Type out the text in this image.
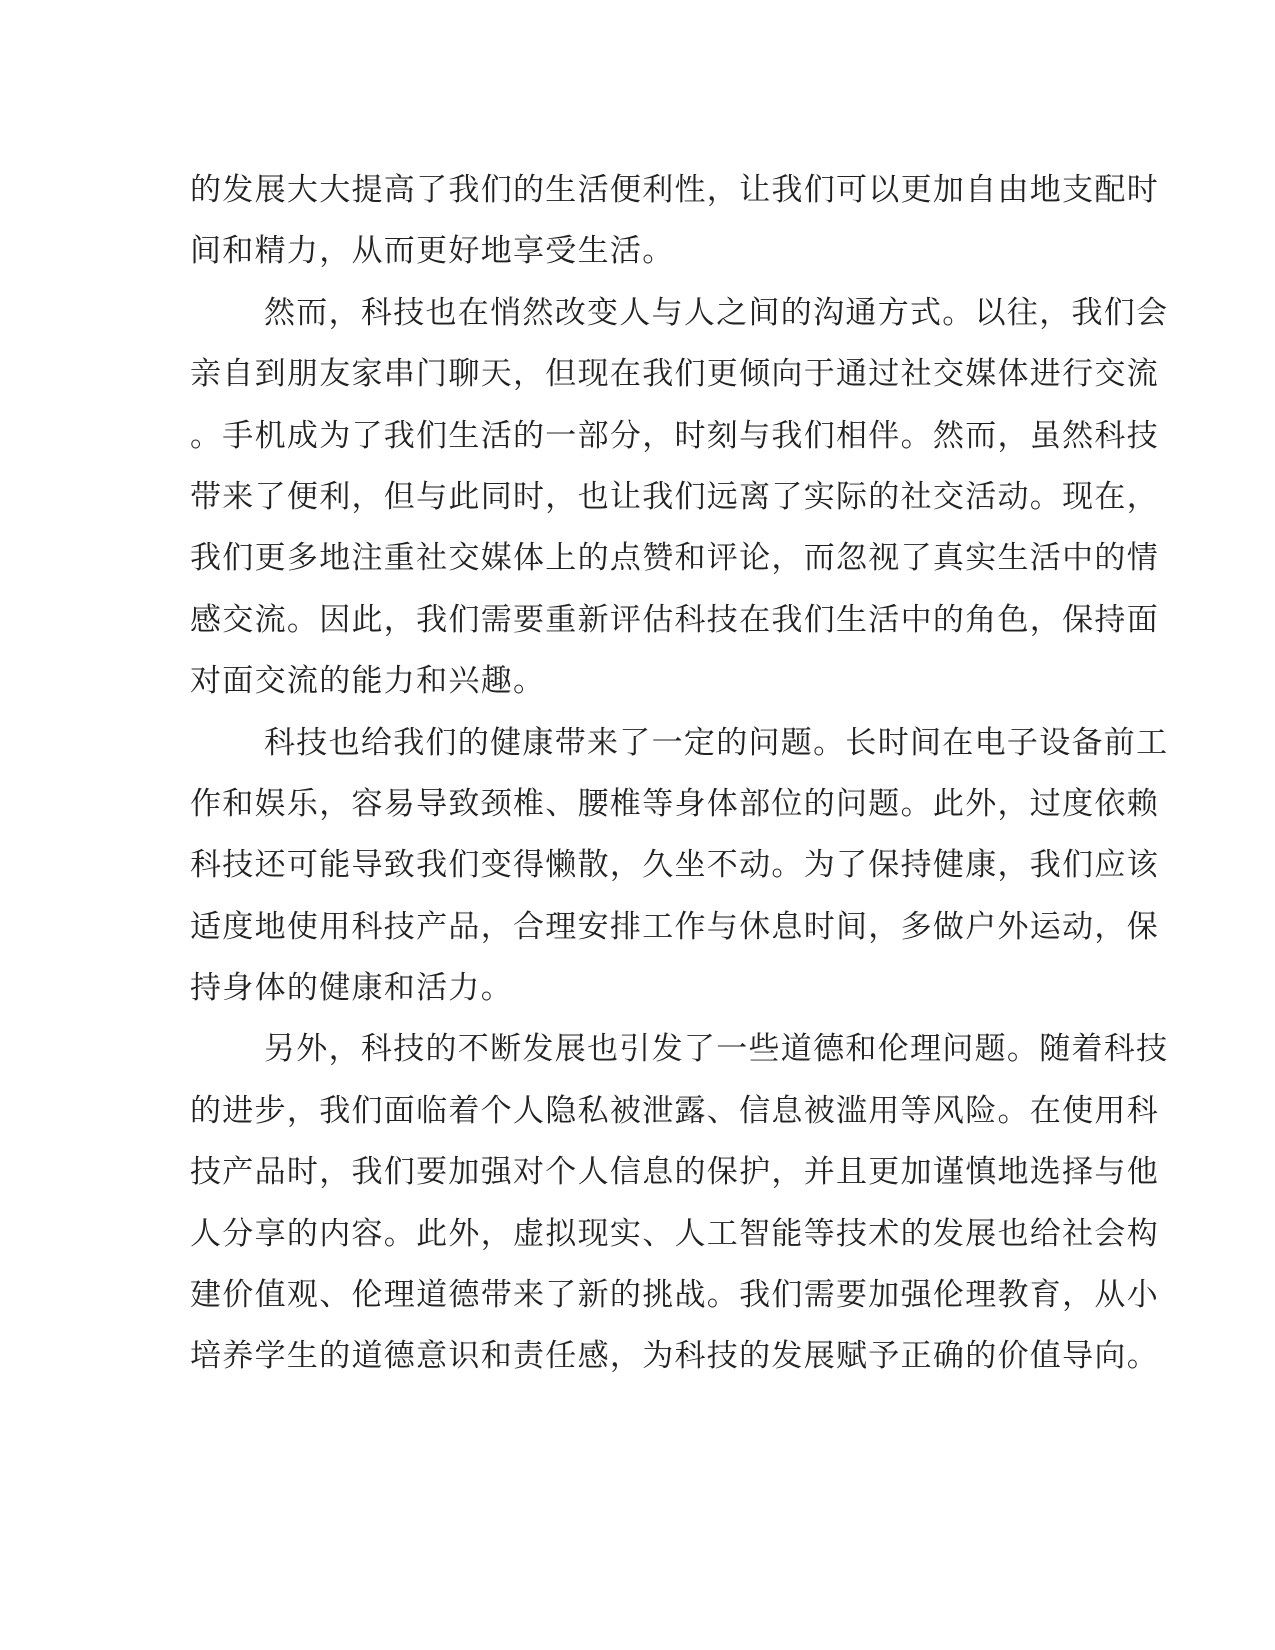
的发展大大提高了我们的生活便利性，让我们可以更加自由地支配时
间和精力，从而更好地享受生活。
然而，科技也在悄然改变人与人之间的沟通方式。以往，我们会
亲自到朋友家串门聊天，但现在我们更倾向于通过社交媒体进行交流
。手机成为了我们生活的一部分，时刻与我们相伴。然而，虽然科技
带来了便利，但与此同时，也让我们远离了实际的社交活动。现在，
我们更多地注重社交媒体上的点赞和评论，而忽视了真实生活中的情
感交流。因此，我们需要重新评估科技在我们生活中的角色，保持面
对面交流的能力和兴趣。
科技也给我们的健康带来了一定的问题。长时间在电子设备前工
作和娱乐，容易导致颈椎、腰椎等身体部位的问题。此外，过度依赖
科技还可能导致我们变得懒散，久坐不动。为了保持健康，我们应该
适度地使用科技产品，合理安排工作与休息时间，多做户外运动，保
持身体的健康和活力。
另外，科技的不断发展也引发了一些道德和伦理问题。随着科技
的进步，我们面临着个人隐私被泄露、信息被滥用等风险。在使用科
技产品时，我们要加强对个人信息的保护，并且更加谨慎地选择与他
人分享的内容。此外，虚拟现实、人工智能等技术的发展也给社会构
建价值观、伦理道德带来了新的挑战。我们需要加强伦理教育，从小
培养学生的道德意识和责任感，为科技的发展赋予正确的价值导向。
